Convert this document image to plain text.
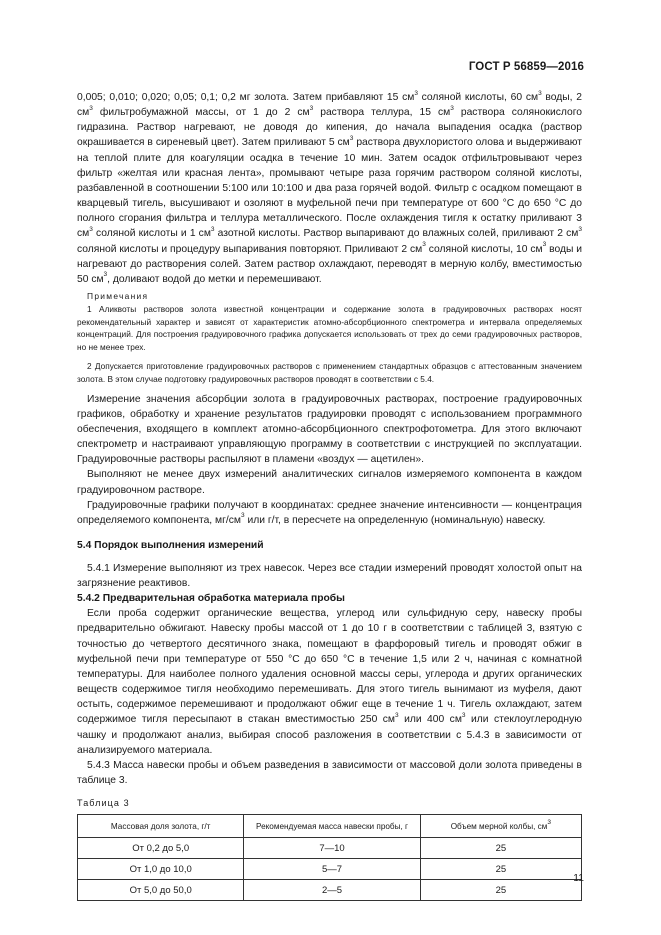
ГОСТ Р 56859—2016

0,005; 0,010; 0,020; 0,05; 0,1; 0,2 мг золота. Затем прибавляют 15 $см^3$ соляной кислоты, 60 $см^3$ воды, 2 $см^3$ фильтробумажной массы, от 1 до 2 $см^3$ раствора теллура, 15 $см^3$ раствора солянокислого гидразина. Раствор нагревают, не доводя до кипения, до начала выпадения осадка (раствор окрашивается в сиреневый цвет). Затем приливают 5 $см^3$ раствора двухлористого олова и выдерживают на теплой плите для коагуляции осадка в течение 10 мин. Затем осадок отфильтровывают через фильтр «желтая или красная лента», промывают четыре раза горячим раствором соляной кислоты, разбавленной в соотношении 5:100 или 10:100 и два раза горячей водой. Фильтр с осадком помещают в кварцевый тигель, высушивают и озоляют в муфельной печи при температуре от 600 °С до 650 °С до полного сгорания фильтра и теллура металлического. После охлаждения тигля к остатку приливают 3 $см^3$ соляной кислоты и 1 $см^3$ азотной кислоты. Раствор выпаривают до влажных солей, приливают 2 $см^3$ соляной кислоты и процедуру выпаривания повторяют. Приливают 2 $см^3$ соляной кислоты, 10 $см^3$ воды и нагревают до растворения солей. Затем раствор охлаждают, переводят в мерную колбу, вместимостью 50 $см^3$, доливают водой до метки и перемешивают.

Примечания

1 Аликвоты растворов золота известной концентрации и содержание золота в градуировочных растворах носят рекомендательный характер и зависят от характеристик атомно-абсорбционного спектрометра и интервала определяемых концентраций. Для построения градуировочного графика допускается использовать от трех до семи градуировочных растворов, но не менее трех.

2 Допускается приготовление градуировочных растворов с применением стандартных образцов с аттестованным значением золота. В этом случае подготовку градуировочных растворов проводят в соответствии с 5.4.

Измерение значения абсорбции золота в градуировочных растворах, построение градуировочных графиков, обработку и хранение результатов градуировки проводят с использованием программного обеспечения, входящего в комплект атомно-абсорбционного спектрофотометра. Для этого включают спектрометр и настраивают управляющую программу в соответствии с инструкцией по эксплуатации. Градуировочные растворы распыляют в пламени «воздух — ацетилен».

Выполняют не менее двух измерений аналитических сигналов измеряемого компонента в каждом градуировочном растворе.

Градуировочные графики получают в координатах: среднее значение интенсивности — концентрация определяемого компонента, $мг/см^3$ или г/т, в пересчете на определенную (номинальную) навеску.

5.4 Порядок выполнения измерений

5.4.1 Измерение выполняют из трех навесок. Через все стадии измерений проводят холостой опыт на загрязнение реактивов.

5.4.2 Предварительная обработка материала пробы

Если проба содержит органические вещества, углерод или сульфидную серу, навеску пробы предварительно обжигают. Навеску пробы массой от 1 до 10 г в соответствии с таблицей 3, взятую с точностью до четвертого десятичного знака, помещают в фарфоровый тигель и проводят обжиг в муфельной печи при температуре от 550 °С до 650 °С в течение 1,5 или 2 ч, начиная с комнатной температуры. Для наиболее полного удаления основной массы серы, углерода и других органических веществ содержимое тигля необходимо перемешивать. Для этого тигель вынимают из муфеля, дают остыть, содержимое перемешивают и продолжают обжиг еще в течение 1 ч. Тигель охлаждают, затем содержимое тигля пересыпают в стакан вместимостью 250 $см^3$ или 400 $см^3$ или стеклоуглеродную чашку и продолжают анализ, выбирая способ разложения в соответствии с 5.4.3 в зависимости от анализируемого материала.

5.4.3 Масса навески пробы и объем разведения в зависимости от массовой доли золота приведены в таблице 3.

Таблица 3
Массовая доля золота, г/т	Рекомендуемая масса навески пробы, г	Объем мерной колбы, $см^3$
От 0,2 до 5,0	7—10	25
От 1,0 до 10,0	5—7	25
От 5,0 до 50,0	2—5	25
11
